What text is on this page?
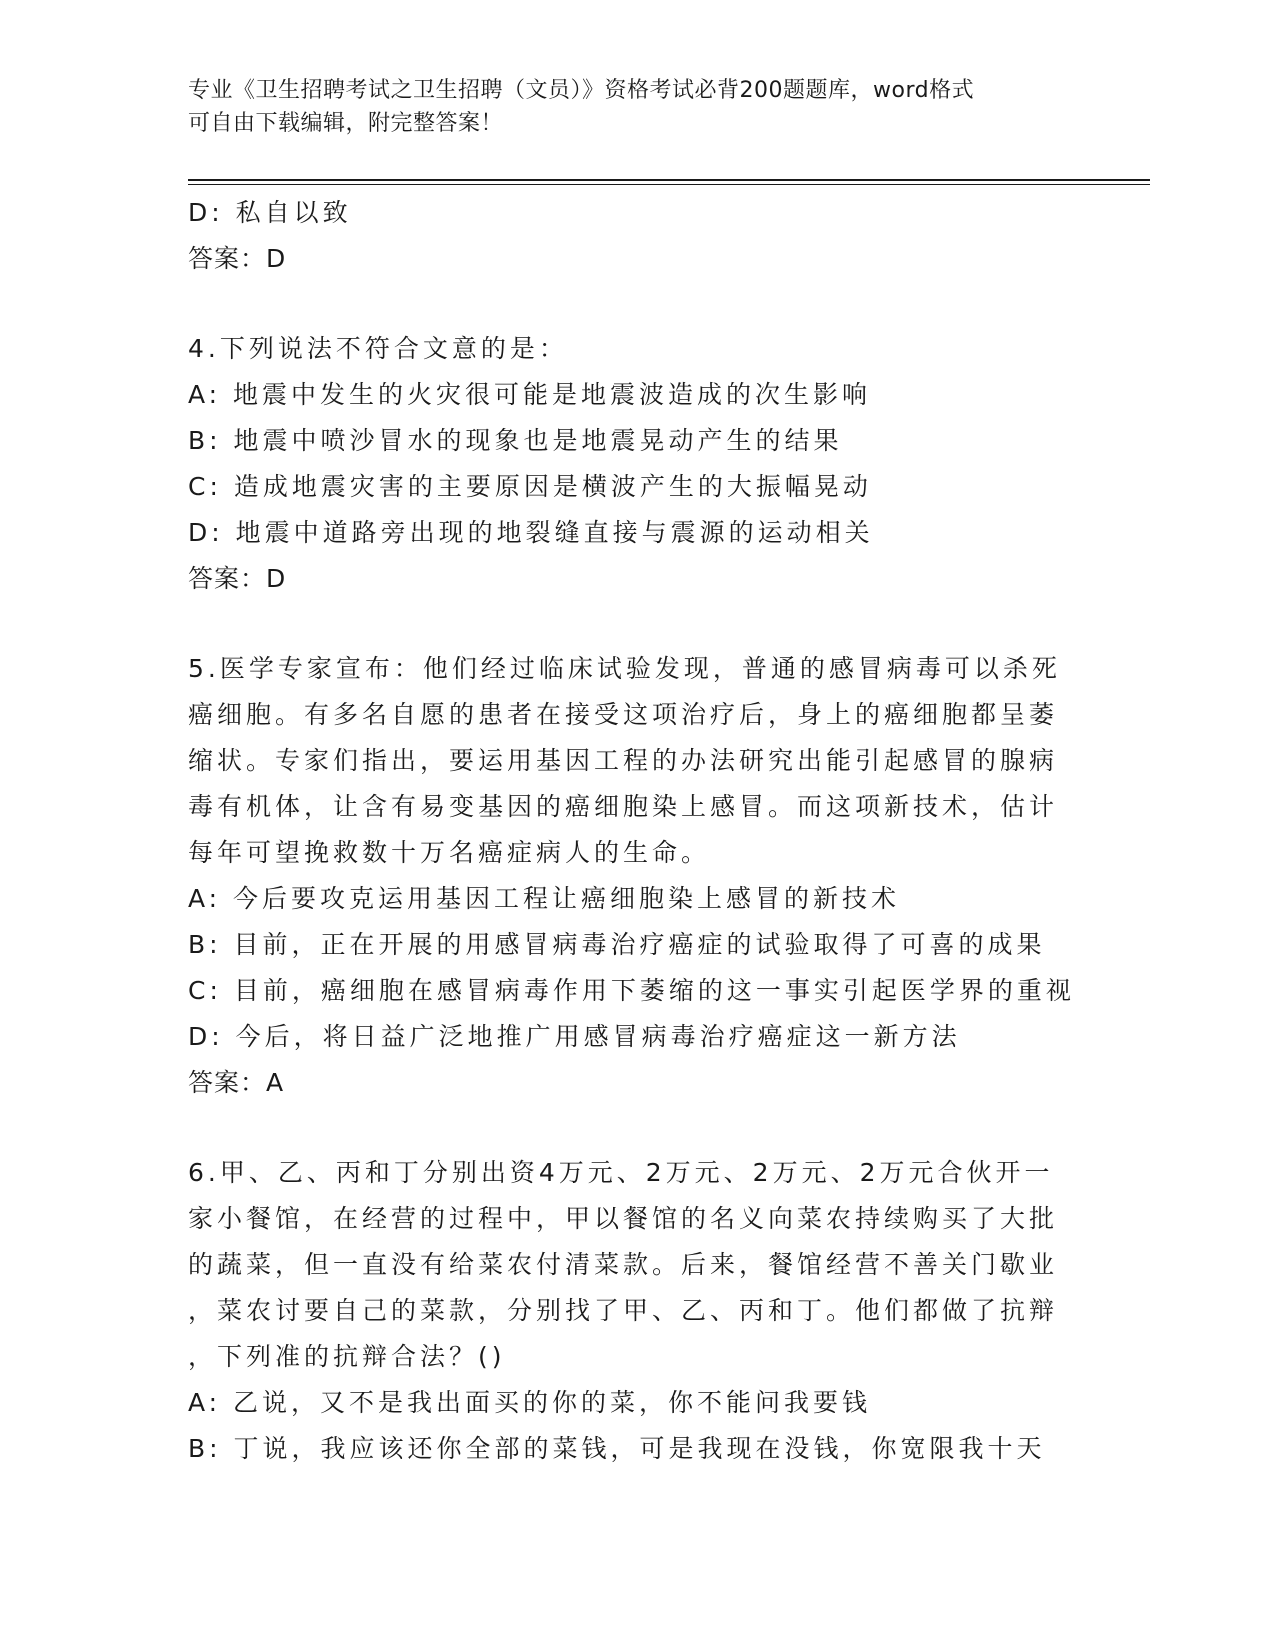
专业《卫生招聘考试之卫生招聘（文员）》资格考试必背200题题库，word格式
可自由下载编辑，附完整答案！
D: 私自以致
答案：D
4.下列说法不符合文意的是：
A: 地震中发生的火灾很可能是地震波造成的次生影响
B: 地震中喷沙冒水的现象也是地震晃动产生的结果
C: 造成地震灾害的主要原因是横波产生的大振幅晃动
D: 地震中道路旁出现的地裂缝直接与震源的运动相关
答案：D
5.医学专家宣布：他们经过临床试验发现，普通的感冒病毒可以杀死
癌细胞。有多名自愿的患者在接受这项治疗后，身上的癌细胞都呈萎
缩状。专家们指出，要运用基因工程的办法研究出能引起感冒的腺病
毒有机体，让含有易变基因的癌细胞染上感冒。而这项新技术，估计
每年可望挽救数十万名癌症病人的生命。
A: 今后要攻克运用基因工程让癌细胞染上感冒的新技术
B: 目前，正在开展的用感冒病毒治疗癌症的试验取得了可喜的成果
C: 目前，癌细胞在感冒病毒作用下萎缩的这一事实引起医学界的重视
D: 今后，将日益广泛地推广用感冒病毒治疗癌症这一新方法
答案：A
6.甲、乙、丙和丁分别出资4万元、2万元、2万元、2万元合伙开一
家小餐馆，在经营的过程中，甲以餐馆的名义向菜农持续购买了大批
的蔬菜，但一直没有给菜农付清菜款。后来，餐馆经营不善关门歇业
，菜农讨要自己的菜款，分别找了甲、乙、丙和丁。他们都做了抗辩
，下列准的抗辩合法？()
A: 乙说，又不是我出面买的你的菜，你不能问我要钱
B: 丁说，我应该还你全部的菜钱，可是我现在没钱，你宽限我十天
